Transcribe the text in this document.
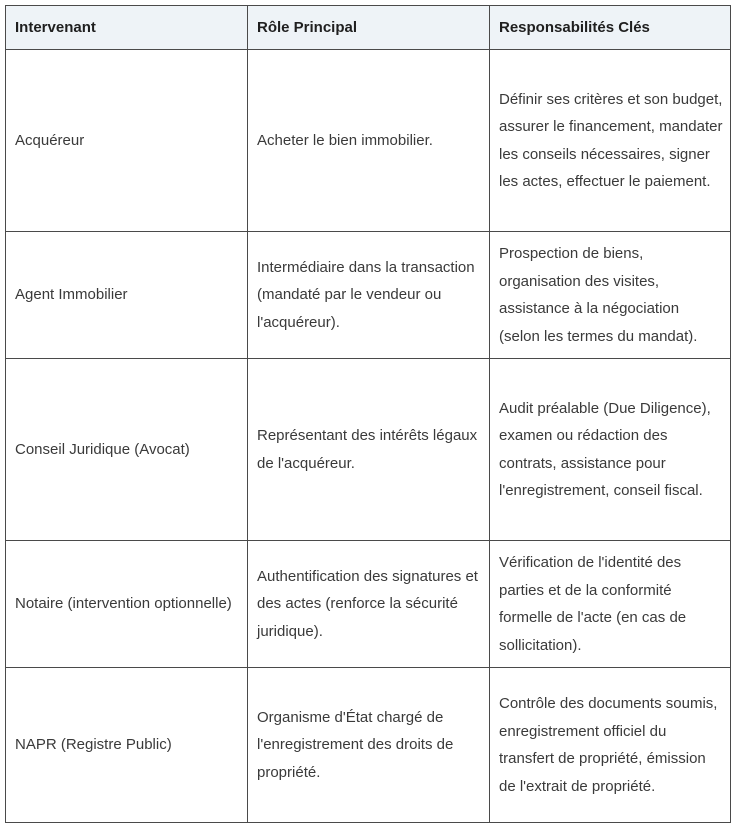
Intervenant	Rôle Principal	Responsabilités Clés
Acquéreur	Acheter le bien immobilier.	Définir ses critères et son budget, assurer le financement, mandater les conseils nécessaires, signer les actes, effectuer le paiement.
Agent Immobilier	Intermédiaire dans la transaction (mandaté par le vendeur ou l'acquéreur).	Prospection de biens, organisation des visites, assistance à la négociation (selon les termes du mandat).
Conseil Juridique (Avocat)	Représentant des intérêts légaux de l'acquéreur.	Audit préalable (Due Diligence), examen ou rédaction des contrats, assistance pour l'enregistrement, conseil fiscal.
Notaire (intervention optionnelle)	Authentification des signatures et des actes (renforce la sécurité juridique).	Vérification de l'identité des parties et de la conformité formelle de l'acte (en cas de sollicitation).
NAPR (Registre Public)	Organisme d'État chargé de l'enregistrement des droits de propriété.	Contrôle des documents soumis, enregistrement officiel du transfert de propriété, émission de l'extrait de propriété.
